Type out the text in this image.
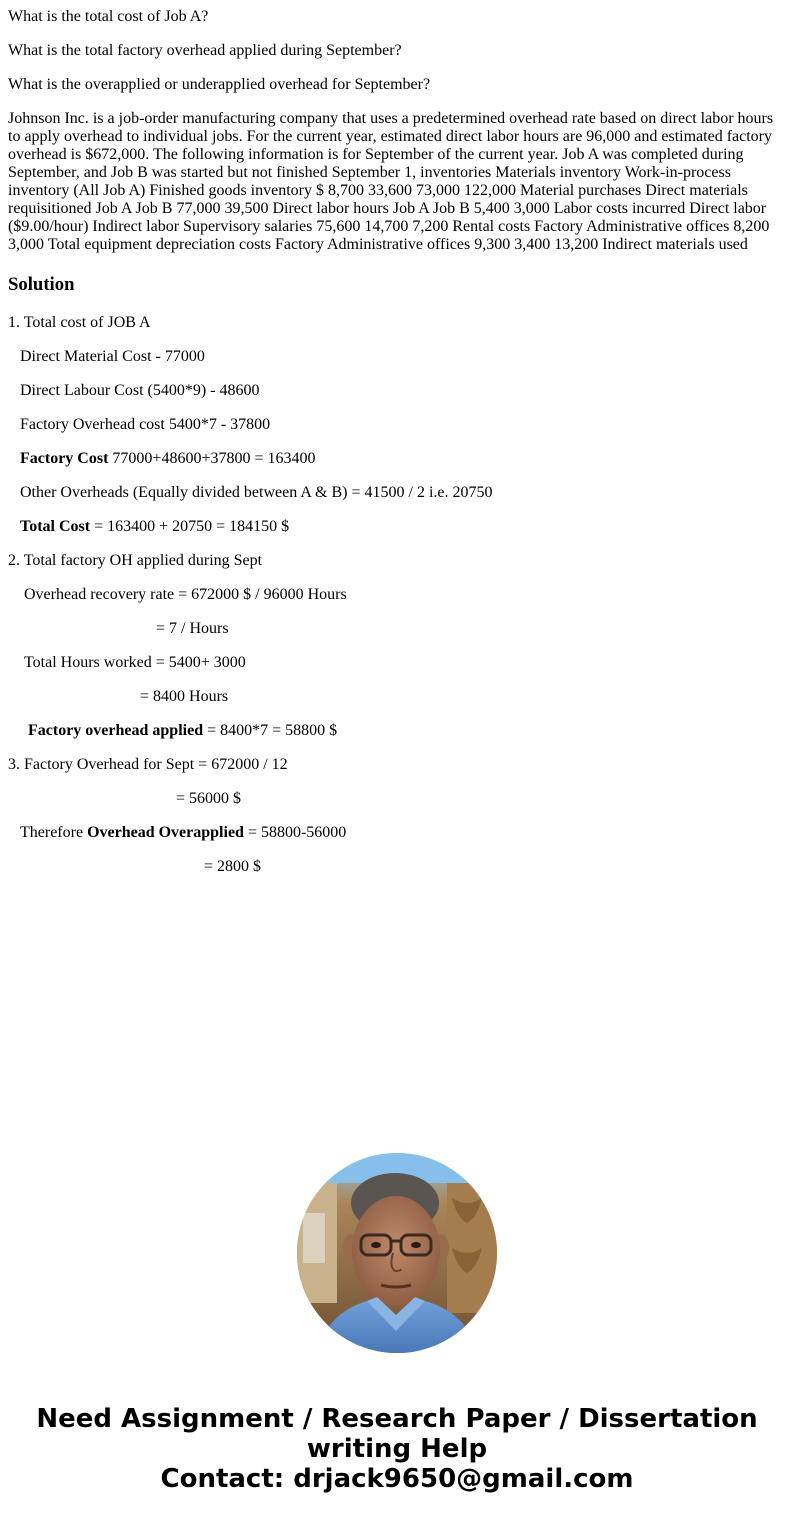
What is the total cost of Job A?

What is the total factory overhead applied during September?

What is the overapplied or underapplied overhead for September?

Johnson Inc. is a job-order manufacturing company that uses a predetermined overhead rate based on direct labor hours to apply overhead to individual jobs. For the current year, estimated direct labor hours are 96,000 and estimated factory overhead is $672,000. The following information is for September of the current year. Job A was completed during September, and Job B was started but not finished September 1, inventories Materials inventory Work-in-process inventory (All Job A) Finished goods inventory $ 8,700 33,600 73,000 122,000 Material purchases Direct materials requisitioned Job A Job B 77,000 39,500 Direct labor hours Job A Job B 5,400 3,000 Labor costs incurred Direct labor ($9.00/hour) Indirect labor Supervisory salaries 75,600 14,700 7,200 Rental costs Factory Administrative offices 8,200 3,000 Total equipment depreciation costs Factory Administrative offices 9,300 3,400 13,200 Indirect materials used

Solution
1. Total cost of JOB A
Direct Material Cost - 77000
Direct Labour Cost (5400*9) - 48600
Factory Overhead cost 5400*7 - 37800
Factory Cost 77000+48600+37800 = 163400
Other Overheads (Equally divided between A & B) = 41500 / 2 i.e. 20750
Total Cost = 163400 + 20750 = 184150 $
2. Total factory OH applied during Sept
Overhead recovery rate = 672000 $ / 96000 Hours
= 7 / Hours
Total Hours worked = 5400+ 3000
= 8400 Hours
Factory overhead applied = 8400*7 = 58800 $
3. Factory Overhead for Sept = 672000 / 12
= 56000 $
Therefore Overhead Overapplied = 58800-56000
= 2800 $
Need Assignment / Research Paper / Dissertation
writing Help
Contact: drjack9650@gmail.com
